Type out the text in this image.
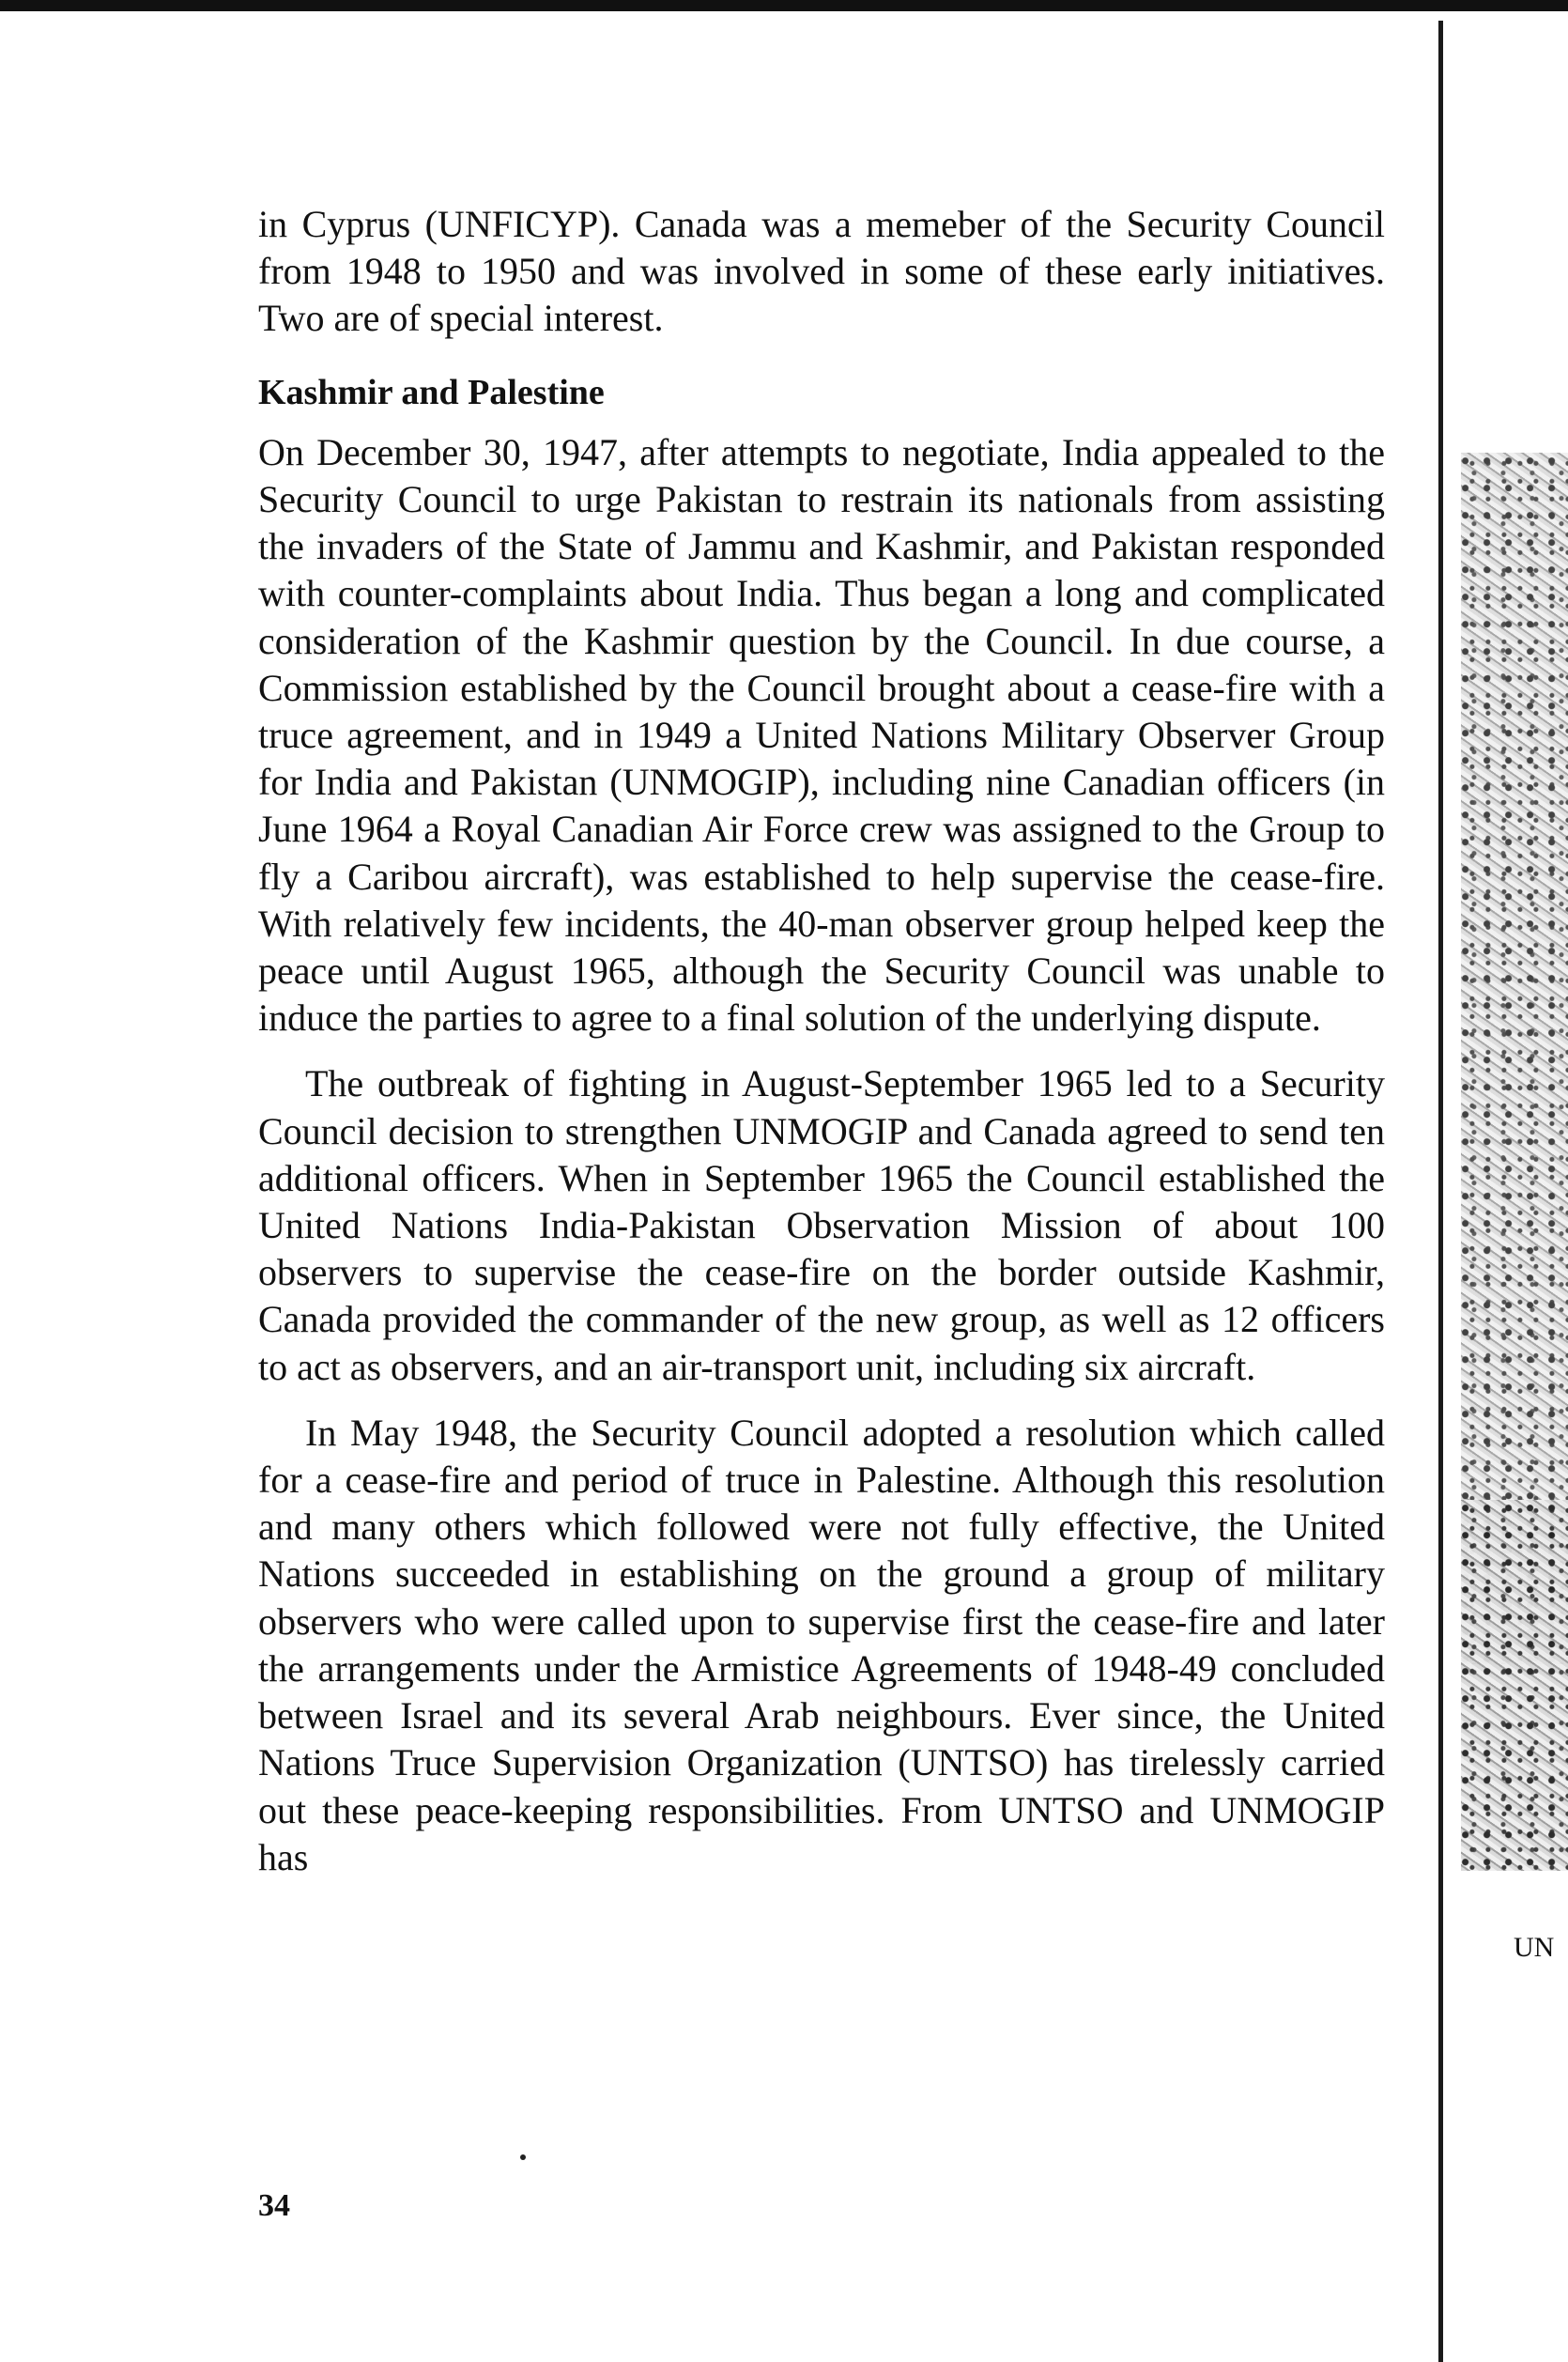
in Cyprus (UNFICYP). Canada was a memeber of the Security Council from 1948 to 1950 and was involved in some of these early initiatives. Two are of special interest.

Kashmir and Palestine

On December 30, 1947, after attempts to negotiate, India appealed to the Security Council to urge Pakistan to restrain its nationals from assisting the invaders of the State of Jammu and Kashmir, and Pakistan responded with counter-complaints about India. Thus began a long and complicated consideration of the Kashmir question by the Council. In due course, a Commission established by the Council brought about a cease-fire with a truce agreement, and in 1949 a United Nations Military Observer Group for India and Pakistan (UNMOGIP), including nine Canadian officers (in June 1964 a Royal Canadian Air Force crew was assigned to the Group to fly a Caribou aircraft), was established to help supervise the cease-fire. With relatively few incidents, the 40-man observer group helped keep the peace until August 1965, although the Security Council was unable to induce the parties to agree to a final solution of the underlying dispute.

The outbreak of fighting in August-September 1965 led to a Security Council decision to strengthen UNMOGIP and Canada agreed to send ten additional officers. When in September 1965 the Council established the United Nations India-Pakistan Observation Mission of about 100 observers to supervise the cease-fire on the border outside Kashmir, Canada provided the commander of the new group, as well as 12 officers to act as observers, and an air-transport unit, including six aircraft.

In May 1948, the Security Council adopted a resolution which called for a cease-fire and period of truce in Palestine. Although this resolution and many others which followed were not fully effective, the United Nations succeeded in establishing on the ground a group of military observers who were called upon to supervise first the cease-fire and later the arrangements under the Armistice Agreements of 1948-49 concluded between Israel and its several Arab neighbours. Ever since, the United Nations Truce Supervision Organization (UNTSO) has tirelessly carried out these peace-keeping responsibilities. From UNTSO and UNMOGIP has

34
UN
